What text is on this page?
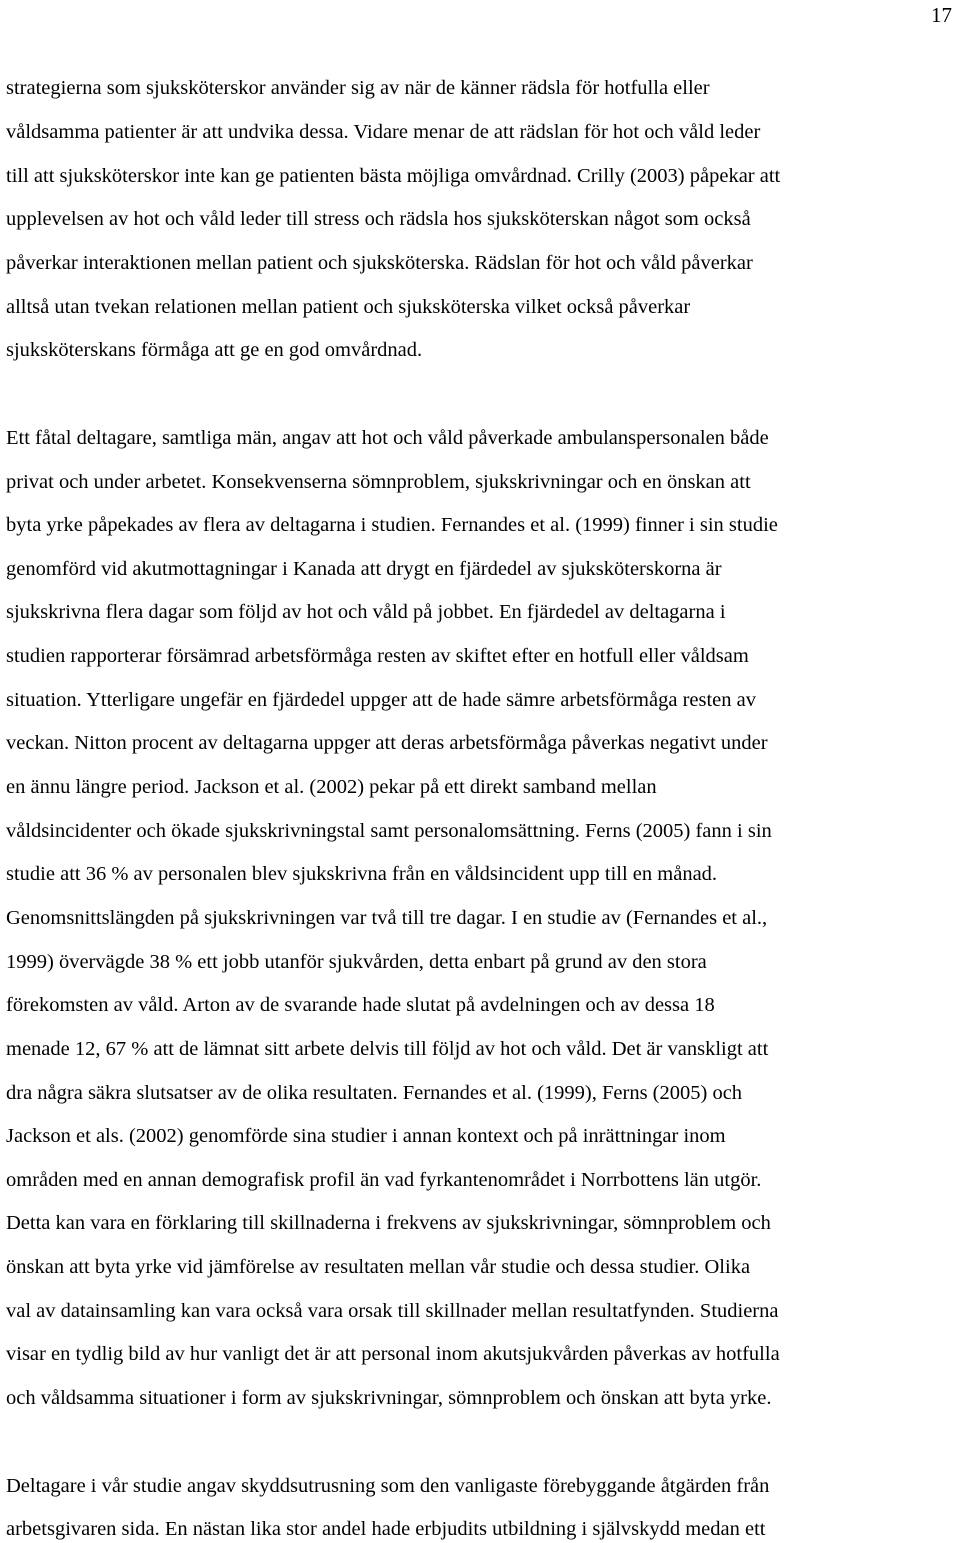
17
strategierna som sjuksköterskor använder sig av när de känner rädsla för hotfulla eller
våldsamma patienter är att undvika dessa. Vidare menar de att rädslan för hot och våld leder
till att sjuksköterskor inte kan ge patienten bästa möjliga omvårdnad. Crilly (2003) påpekar att
upplevelsen av hot och våld leder till stress och rädsla hos sjuksköterskan något som också
påverkar interaktionen mellan patient och sjuksköterska. Rädslan för hot och våld påverkar
alltså utan tvekan relationen mellan patient och sjuksköterska vilket också påverkar
sjuksköterskans förmåga att ge en god omvårdnad.
Ett fåtal deltagare, samtliga män, angav att hot och våld påverkade ambulanspersonalen både
privat och under arbetet. Konsekvenserna sömnproblem, sjukskrivningar och en önskan att
byta yrke påpekades av flera av deltagarna i studien. Fernandes et al. (1999) finner i sin studie
genomförd vid akutmottagningar i Kanada att drygt en fjärdedel av sjuksköterskorna är
sjukskrivna flera dagar som följd av hot och våld på jobbet. En fjärdedel av deltagarna i
studien rapporterar försämrad arbetsförmåga resten av skiftet efter en hotfull eller våldsam
situation. Ytterligare ungefär en fjärdedel uppger att de hade sämre arbetsförmåga resten av
veckan. Nitton procent av deltagarna uppger att deras arbetsförmåga påverkas negativt under
en ännu längre period. Jackson et al. (2002) pekar på ett direkt samband mellan
våldsincidenter och ökade sjukskrivningstal samt personalomsättning. Ferns (2005) fann i sin
studie att 36 % av personalen blev sjukskrivna från en våldsincident upp till en månad.
Genomsnittslängden på sjukskrivningen var två till tre dagar. I en studie av (Fernandes et al.,
1999) övervägde 38 % ett jobb utanför sjukvården, detta enbart på grund av den stora
förekomsten av våld. Arton av de svarande hade slutat på avdelningen och av dessa 18
menade 12, 67 % att de lämnat sitt arbete delvis till följd av hot och våld. Det är vanskligt att
dra några säkra slutsatser av de olika resultaten. Fernandes et al. (1999), Ferns (2005) och
Jackson et als. (2002) genomförde sina studier i annan kontext och på inrättningar inom
områden med en annan demografisk profil än vad fyrkantenområdet i Norrbottens län utgör.
Detta kan vara en förklaring till skillnaderna i frekvens av sjukskrivningar, sömnproblem och
önskan att byta yrke vid jämförelse av resultaten mellan vår studie och dessa studier. Olika
val av datainsamling kan vara också vara orsak till skillnader mellan resultatfynden. Studierna
visar en tydlig bild av hur vanligt det är att personal inom akutsjukvården påverkas av hotfulla
och våldsamma situationer i form av sjukskrivningar, sömnproblem och önskan att byta yrke.
Deltagare i vår studie angav skyddsutrusning som den vanligaste förebyggande åtgärden från
arbetsgivaren sida. En nästan lika stor andel hade erbjudits utbildning i självskydd medan ett
